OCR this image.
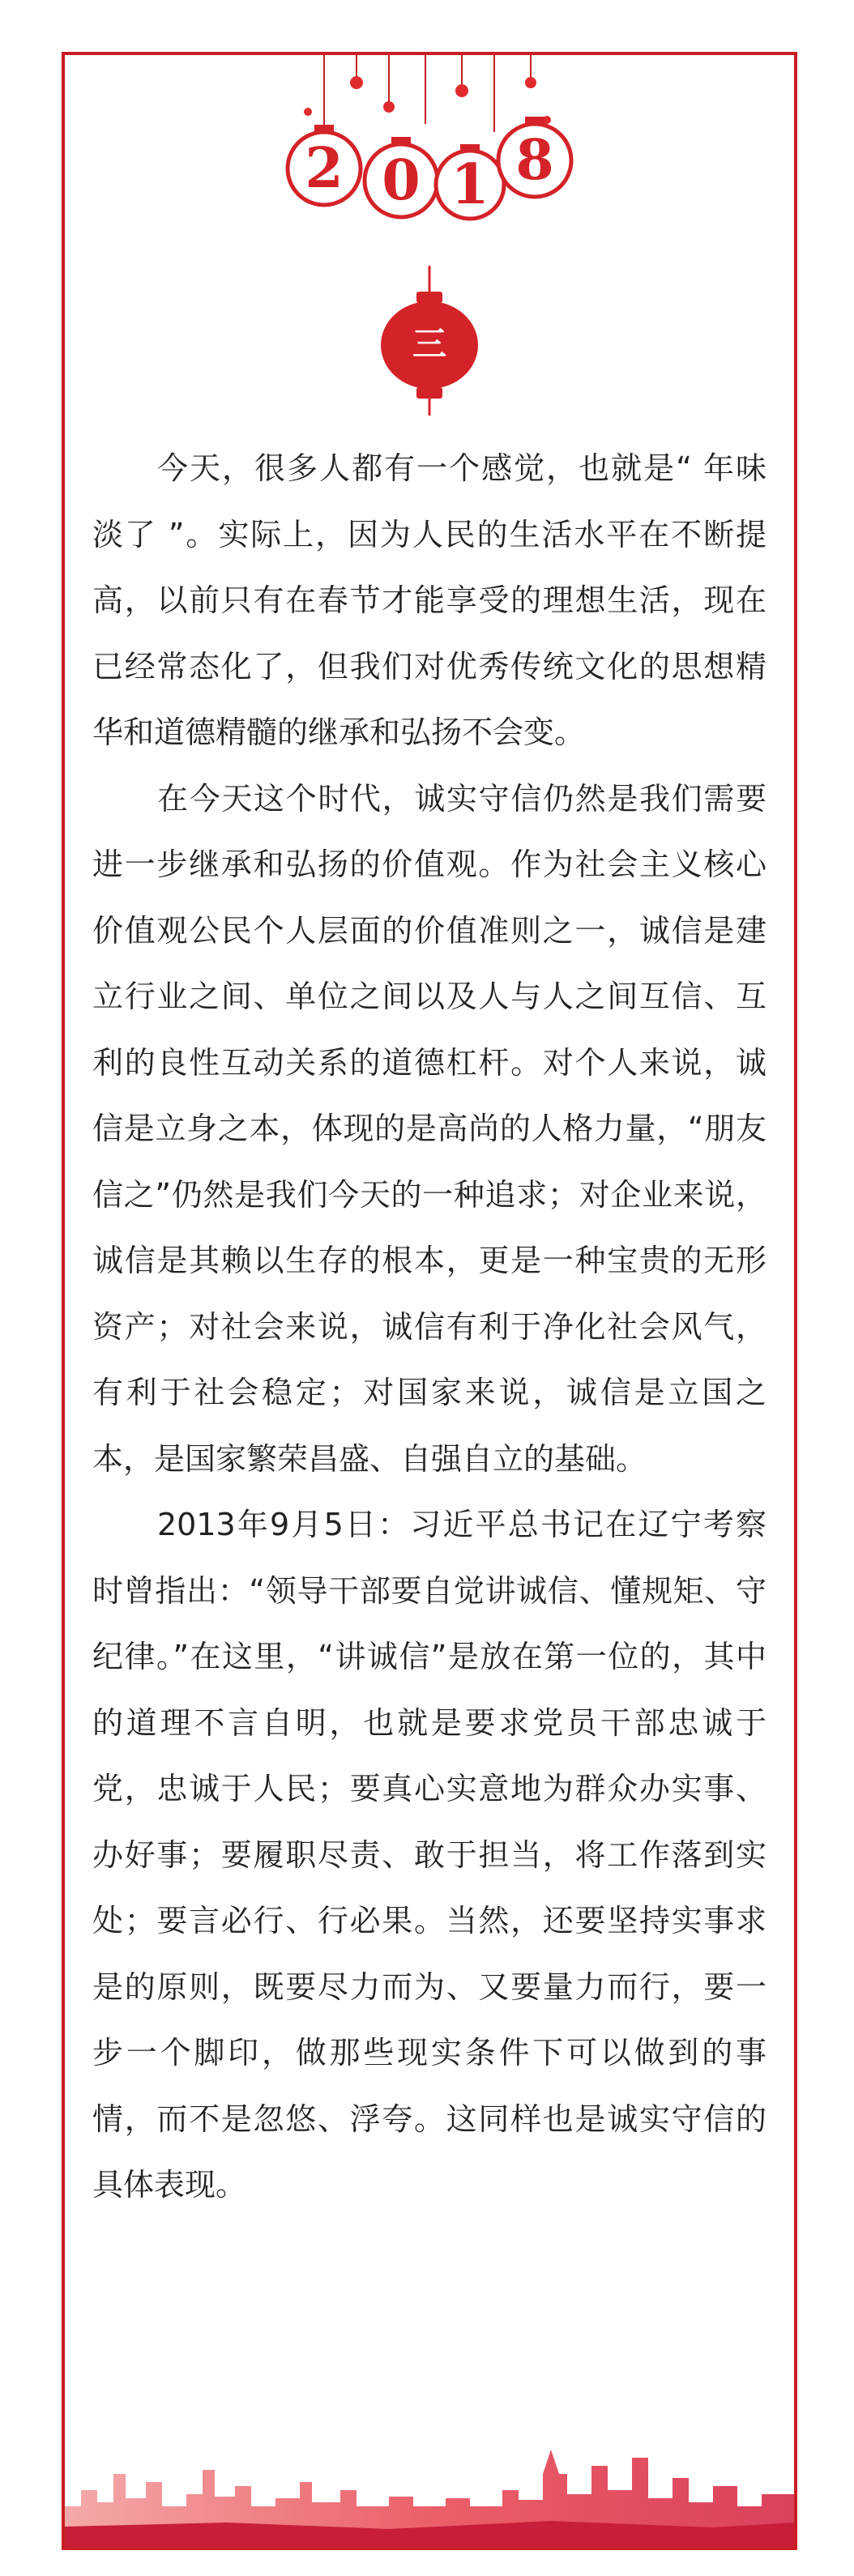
2 0 1 8
三

今天，很多人都有一个感觉，也就是“ 年味淡了 ”。实际上，因为人民的生活水平在不断提高，以前只有在春节才能享受的理想生活，现在已经常态化了，但我们对优秀传统文化的思想精华和道德精髓的继承和弘扬不会变。

在今天这个时代，诚实守信仍然是我们需要进一步继承和弘扬的价值观。作为社会主义核心价值观公民个人层面的价值准则之一，诚信是建立行业之间、单位之间以及人与人之间互信、互利的良性互动关系的道德杠杆。对个人来说，诚信是立身之本，体现的是高尚的人格力量，“朋友信之”仍然是我们今天的一种追求；对企业来说，诚信是其赖以生存的根本，更是一种宝贵的无形资产；对社会来说，诚信有利于净化社会风气，有利于社会稳定；对国家来说，诚信是立国之本，是国家繁荣昌盛、自强自立的基础。

2013年9月5日：习近平总书记在辽宁考察时曾指出：“领导干部要自觉讲诚信、懂规矩、守纪律。”在这里，“讲诚信”是放在第一位的，其中的道理不言自明，也就是要求党员干部忠诚于党，忠诚于人民；要真心实意地为群众办实事、办好事；要履职尽责、敢于担当，将工作落到实处；要言必行、行必果。当然，还要坚持实事求是的原则，既要尽力而为、又要量力而行，要一步一个脚印，做那些现实条件下可以做到的事情，而不是忽悠、浮夸。这同样也是诚实守信的具体表现。
